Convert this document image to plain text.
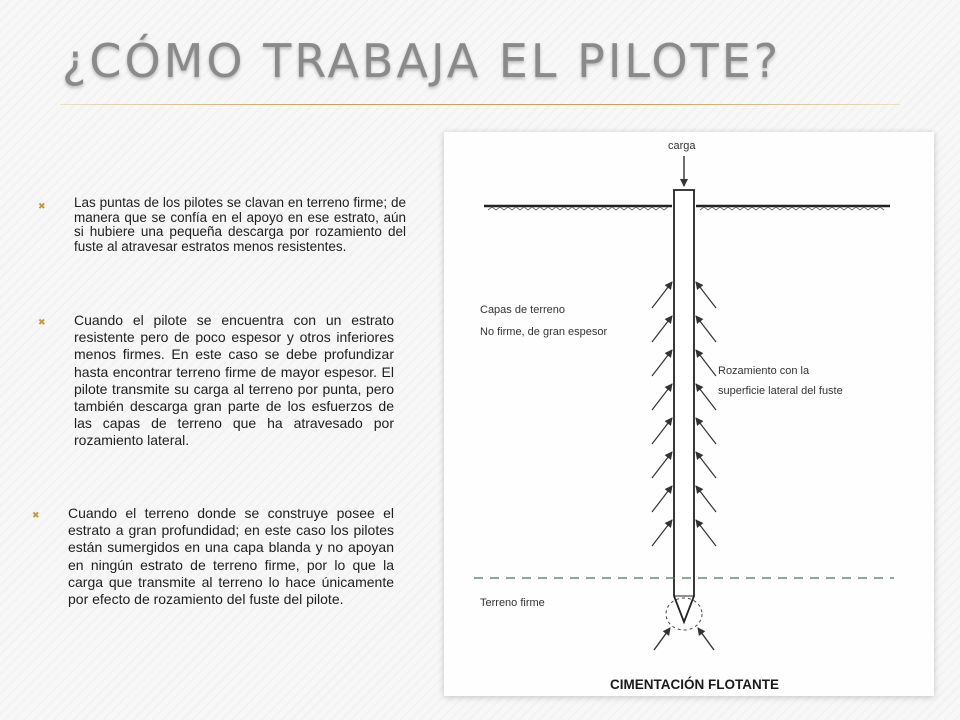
¿CÓMO TRABAJA EL PILOTE?
✖	Las puntas de los pilotes se clavan en terreno firme; de manera que se confía en el apoyo en ese estrato, aún si hubiere una pequeña descarga por rozamiento del fuste al atravesar estratos menos resistentes.

✖	Cuando el pilote se encuentra con un estrato resistente pero de poco espesor y otros inferiores menos firmes. En este caso se debe profundizar hasta encontrar terreno firme de mayor espesor. El pilote transmite su carga al terreno por punta, pero también descarga gran parte de los esfuerzos de las capas de terreno que ha atravesado por rozamiento lateral.

✖	Cuando el terreno donde se construye posee el estrato a gran profundidad; en este caso los pilotes están sumergidos en una capa blanda y no apoyan en ningún estrato de terreno firme, por lo que la carga que transmite al terreno lo hace únicamente por efecto de rozamiento del fuste del pilote.

carga
Capas de terreno
No firme, de gran espesor
Rozamiento con la
superficie lateral del fuste
Terreno firme
CIMENTACIÓN FLOTANTE
